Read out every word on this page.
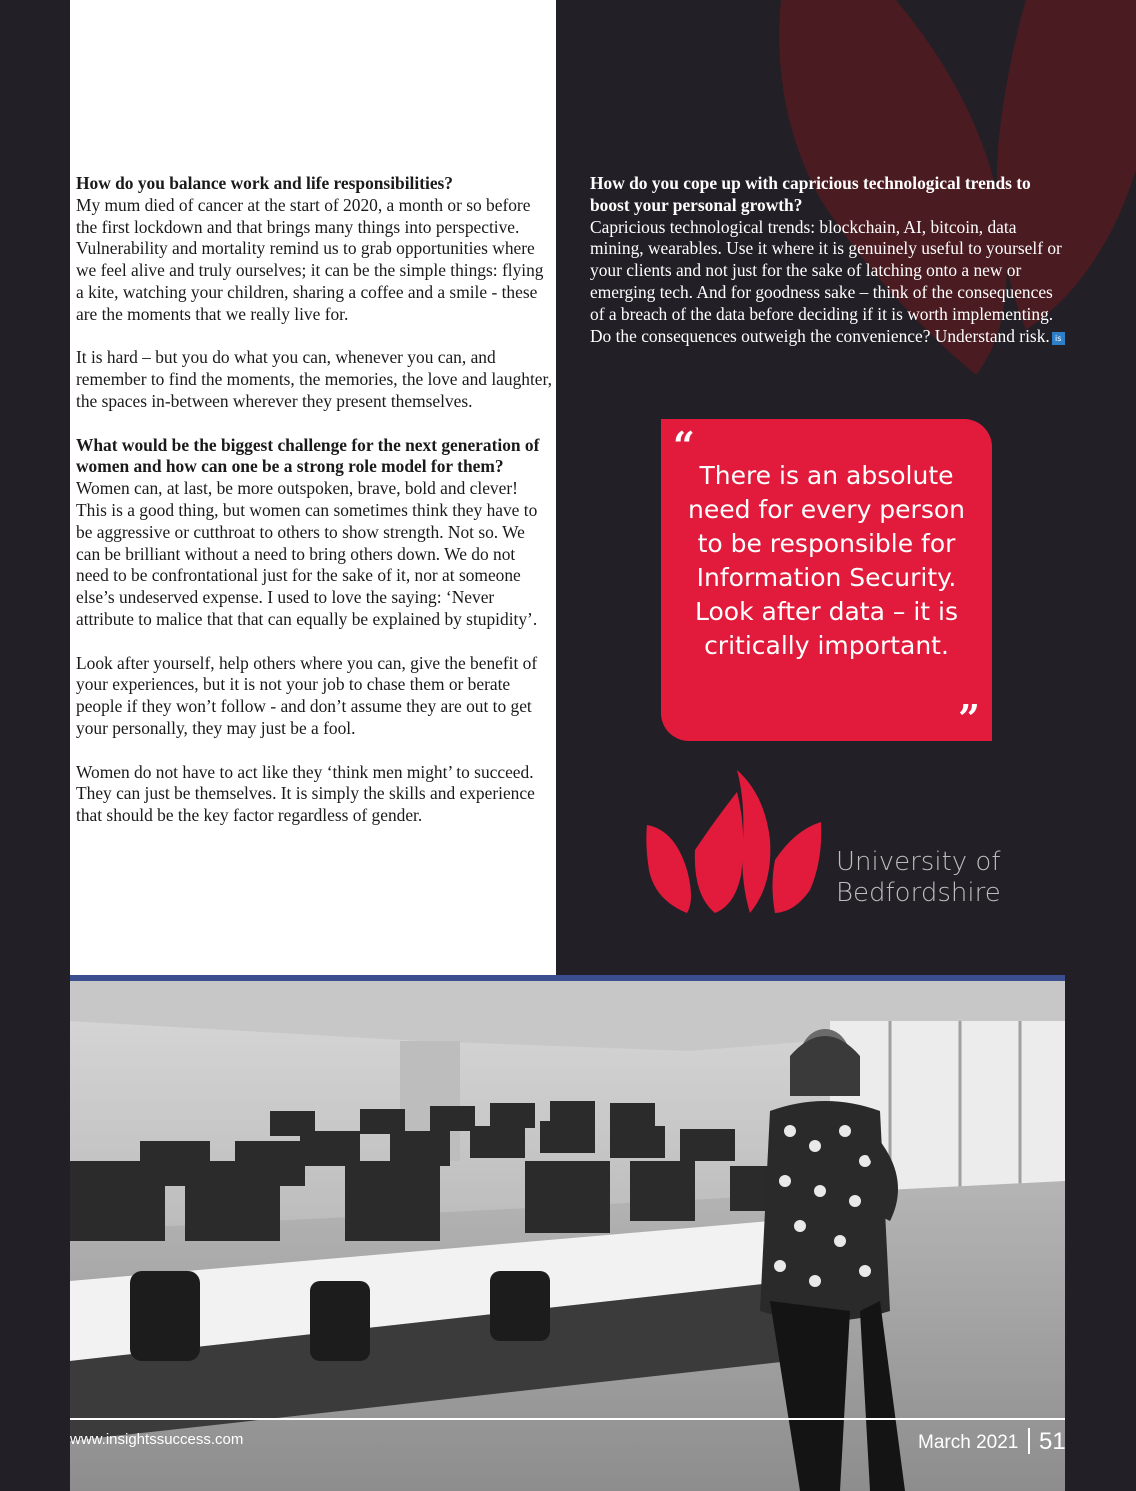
How do you balance work and life responsibilities?

My mum died of cancer at the start of 2020, a month or so before the first lockdown and that brings many things into perspective. Vulnerability and mortality remind us to grab opportunities where we feel alive and truly ourselves; it can be the simple things: flying a kite, watching your children, sharing a coffee and a smile - these are the moments that we really live for.

It is hard – but you do what you can, whenever you can, and remember to find the moments, the memories, the love and laughter, the spaces in-between wherever they present themselves.

What would be the biggest challenge for the next generation of women and how can one be a strong role model for them?

Women can, at last, be more outspoken, brave, bold and clever! This is a good thing, but women can sometimes think they have to be aggressive or cutthroat to others to show strength. Not so. We can be brilliant without a need to bring others down. We do not need to be confrontational just for the sake of it, nor at someone else’s undeserved expense. I used to love the saying: ‘Never attribute to malice that that can equally be explained by stupidity’.

Look after yourself, help others where you can, give the benefit of your experiences, but it is not your job to chase them or berate people if they won’t follow - and don’t assume they are out to get your personally, they may just be a fool.

Women do not have to act like they ‘think men might’ to succeed. They can just be themselves. It is simply the skills and experience that should be the key factor regardless of gender.

How do you cope up with capricious technological trends to boost your personal growth?

Capricious technological trends: blockchain, AI, bitcoin, data mining, wearables. Use it where it is genuinely useful to yourself or your clients and not just for the sake of latching onto a new or emerging tech. And for goodness sake – think of the consequences of a breach of the data before deciding if it is worth implementing. Do the consequences outweigh the convenience? Understand risk. is

“
There is an absolute need for every person to be responsible for Information Security. Look after data – it is critically important.
”
University of
Bedfordshire
www.insightssuccess.com	March 2021 51
